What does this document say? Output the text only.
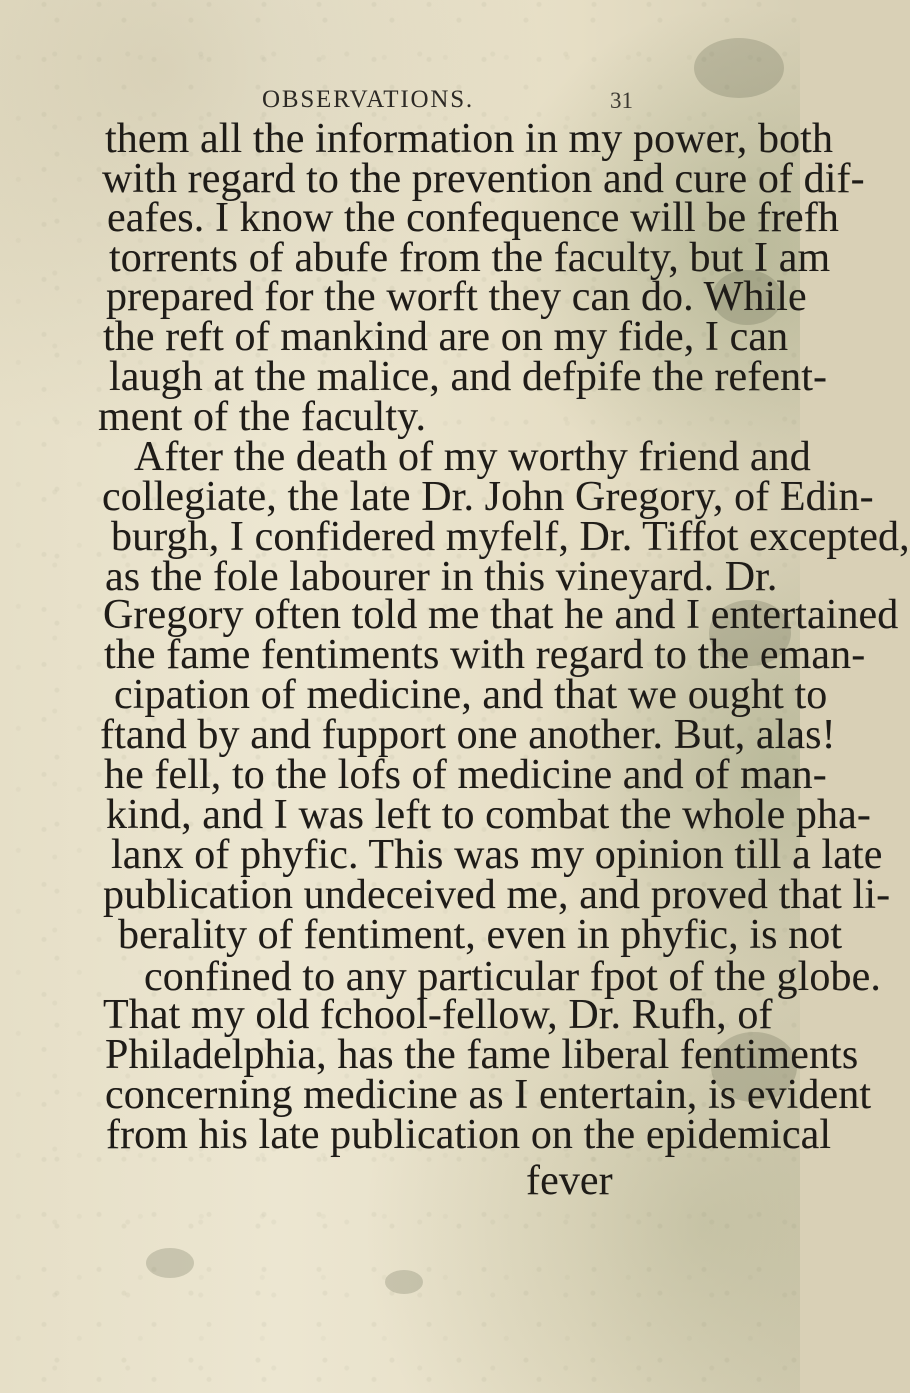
OBSERVATIONS.	31
them all the information in my power, both
with regard to the prevention and cure of dif-
eafes. I know the confequence will be frefh
torrents of abufe from the faculty, but I am
prepared for the worft they can do. While
the reft of mankind are on my fide, I can
laugh at the malice, and defpife the refent-
ment of the faculty.
After the death of my worthy friend and
collegiate, the late Dr. John Gregory, of Edin-
burgh, I confidered myfelf, Dr. Tiffot excepted,
as the fole labourer in this vineyard. Dr.
Gregory often told me that he and I entertained
the fame fentiments with regard to the eman-
cipation of medicine, and that we ought to
ftand by and fupport one another. But, alas!
he fell, to the lofs of medicine and of man-
kind, and I was left to combat the whole pha-
lanx of phyfic. This was my opinion till a late
publication undeceived me, and proved that li-
berality of fentiment, even in phyfic, is not
confined to any particular fpot of the globe.
That my old fchool-fellow, Dr. Rufh, of
Philadelphia, has the fame liberal fentiments
concerning medicine as I entertain, is evident
from his late publication on the epidemical
fever
